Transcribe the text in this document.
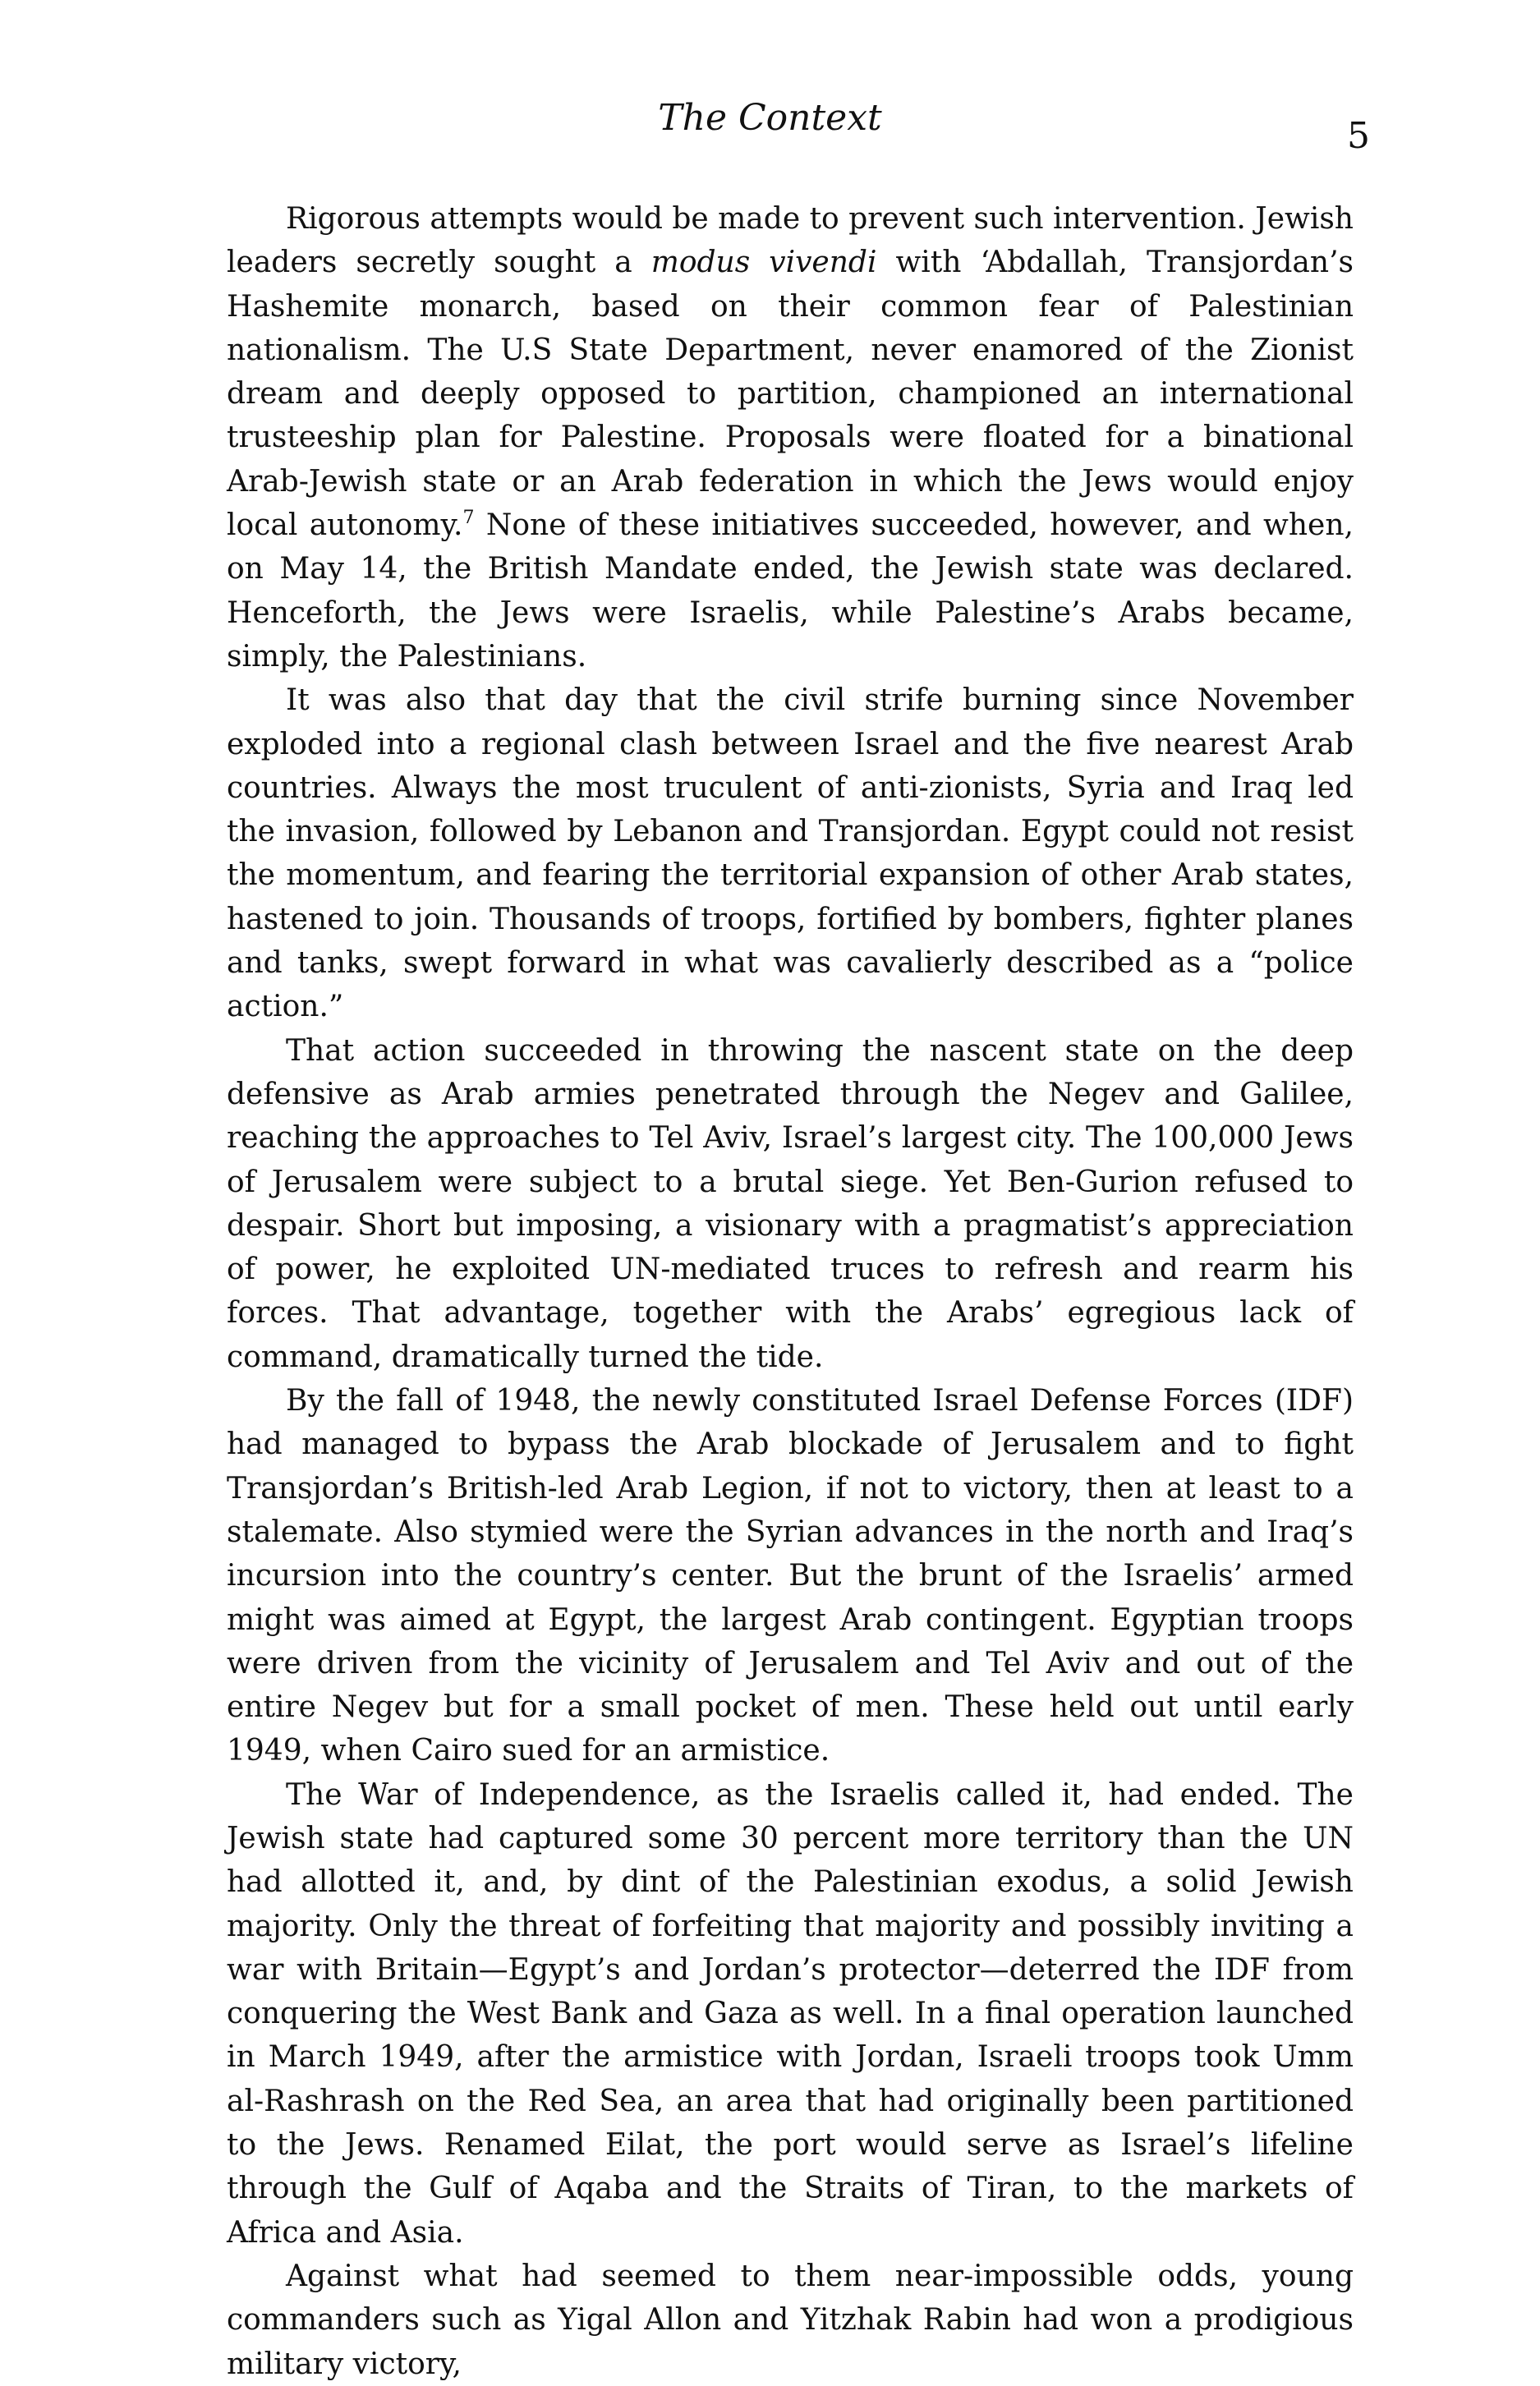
The Context	5

Rigorous attempts would be made to prevent such intervention. Jewish leaders secretly sought a modus vivendi with ‘Abdallah, Transjordan’s Hashemite monarch, based on their common fear of Palestinian nationalism. The U.S State Department, never enamored of the Zionist dream and deeply opposed to partition, championed an international trusteeship plan for Palestine. Proposals were floated for a binational Arab-Jewish state or an Arab federation in which the Jews would enjoy local autonomy.$^7$ None of these initiatives succeeded, however, and when, on May 14, the British Mandate ended, the Jewish state was declared. Henceforth, the Jews were Israelis, while Palestine’s Arabs became, simply, the Palestinians.

It was also that day that the civil strife burning since November exploded into a regional clash between Israel and the five nearest Arab countries. Always the most truculent of anti-zionists, Syria and Iraq led the invasion, followed by Lebanon and Transjordan. Egypt could not resist the momentum, and fearing the territorial expansion of other Arab states, hastened to join. Thousands of troops, fortified by bombers, fighter planes and tanks, swept forward in what was cavalierly described as a “police action.”

That action succeeded in throwing the nascent state on the deep defensive as Arab armies penetrated through the Negev and Galilee, reaching the approaches to Tel Aviv, Israel’s largest city. The 100,000 Jews of Jerusalem were subject to a brutal siege. Yet Ben-Gurion refused to despair. Short but imposing, a visionary with a pragmatist’s appreciation of power, he exploited UN-mediated truces to refresh and rearm his forces. That advantage, together with the Arabs’ egregious lack of command, dramatically turned the tide.

By the fall of 1948, the newly constituted Israel Defense Forces (IDF) had managed to bypass the Arab blockade of Jerusalem and to fight Transjordan’s British-led Arab Legion, if not to victory, then at least to a stalemate. Also stymied were the Syrian advances in the north and Iraq’s incursion into the country’s center. But the brunt of the Israelis’ armed might was aimed at Egypt, the largest Arab contingent. Egyptian troops were driven from the vicinity of Jerusalem and Tel Aviv and out of the entire Negev but for a small pocket of men. These held out until early 1949, when Cairo sued for an armistice.

The War of Independence, as the Israelis called it, had ended. The Jewish state had captured some 30 percent more territory than the UN had allotted it, and, by dint of the Palestinian exodus, a solid Jewish majority. Only the threat of forfeiting that majority and possibly inviting a war with Britain—Egypt’s and Jordan’s protector—deterred the IDF from conquering the West Bank and Gaza as well. In a final operation launched in March 1949, after the armistice with Jordan, Israeli troops took Umm al-Rashrash on the Red Sea, an area that had originally been partitioned to the Jews. Renamed Eilat, the port would serve as Israel’s lifeline through the Gulf of Aqaba and the Straits of Tiran, to the markets of Africa and Asia.

Against what had seemed to them near-impossible odds, young commanders such as Yigal Allon and Yitzhak Rabin had won a prodigious military victory,
